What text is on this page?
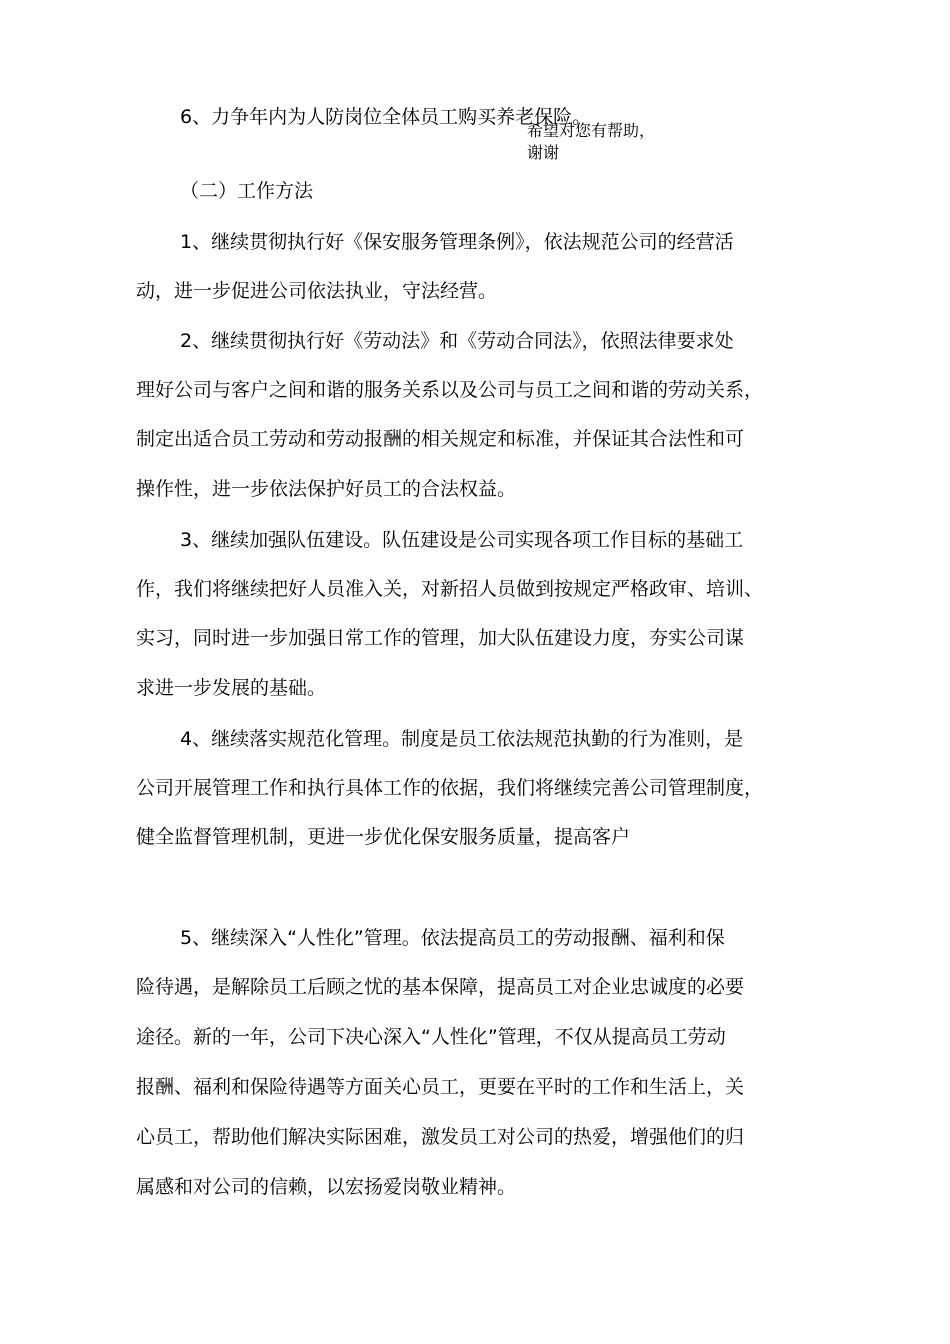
希望对您有帮助，

谢谢

6、力争年内为人防岗位全体员工购买养老保险。
（二）工作方法
1、继续贯彻执行好《保安服务管理条例》，依法规范公司的经营活
动，进一步促进公司依法执业，守法经营。
2、继续贯彻执行好《劳动法》和《劳动合同法》，依照法律要求处
理好公司与客户之间和谐的服务关系以及公司与员工之间和谐的劳动关系，
制定出适合员工劳动和劳动报酬的相关规定和标准，并保证其合法性和可
操作性，进一步依法保护好员工的合法权益。
3、继续加强队伍建设。队伍建设是公司实现各项工作目标的基础工
作，我们将继续把好人员准入关，对新招人员做到按规定严格政审、培训、
实习，同时进一步加强日常工作的管理，加大队伍建设力度，夯实公司谋
求进一步发展的基础。
4、继续落实规范化管理。制度是员工依法规范执勤的行为准则，是
公司开展管理工作和执行具体工作的依据，我们将继续完善公司管理制度，
健全监督管理机制，更进一步优化保安服务质量，提高客户
5、继续深入“人性化”管理。依法提高员工的劳动报酬、福利和保
险待遇，是解除员工后顾之忧的基本保障，提高员工对企业忠诚度的必要
途径。新的一年，公司下决心深入“人性化”管理，不仅从提高员工劳动
报酬、福利和保险待遇等方面关心员工，更要在平时的工作和生活上，关
心员工，帮助他们解决实际困难，激发员工对公司的热爱，增强他们的归
属感和对公司的信赖，以宏扬爱岗敬业精神。
